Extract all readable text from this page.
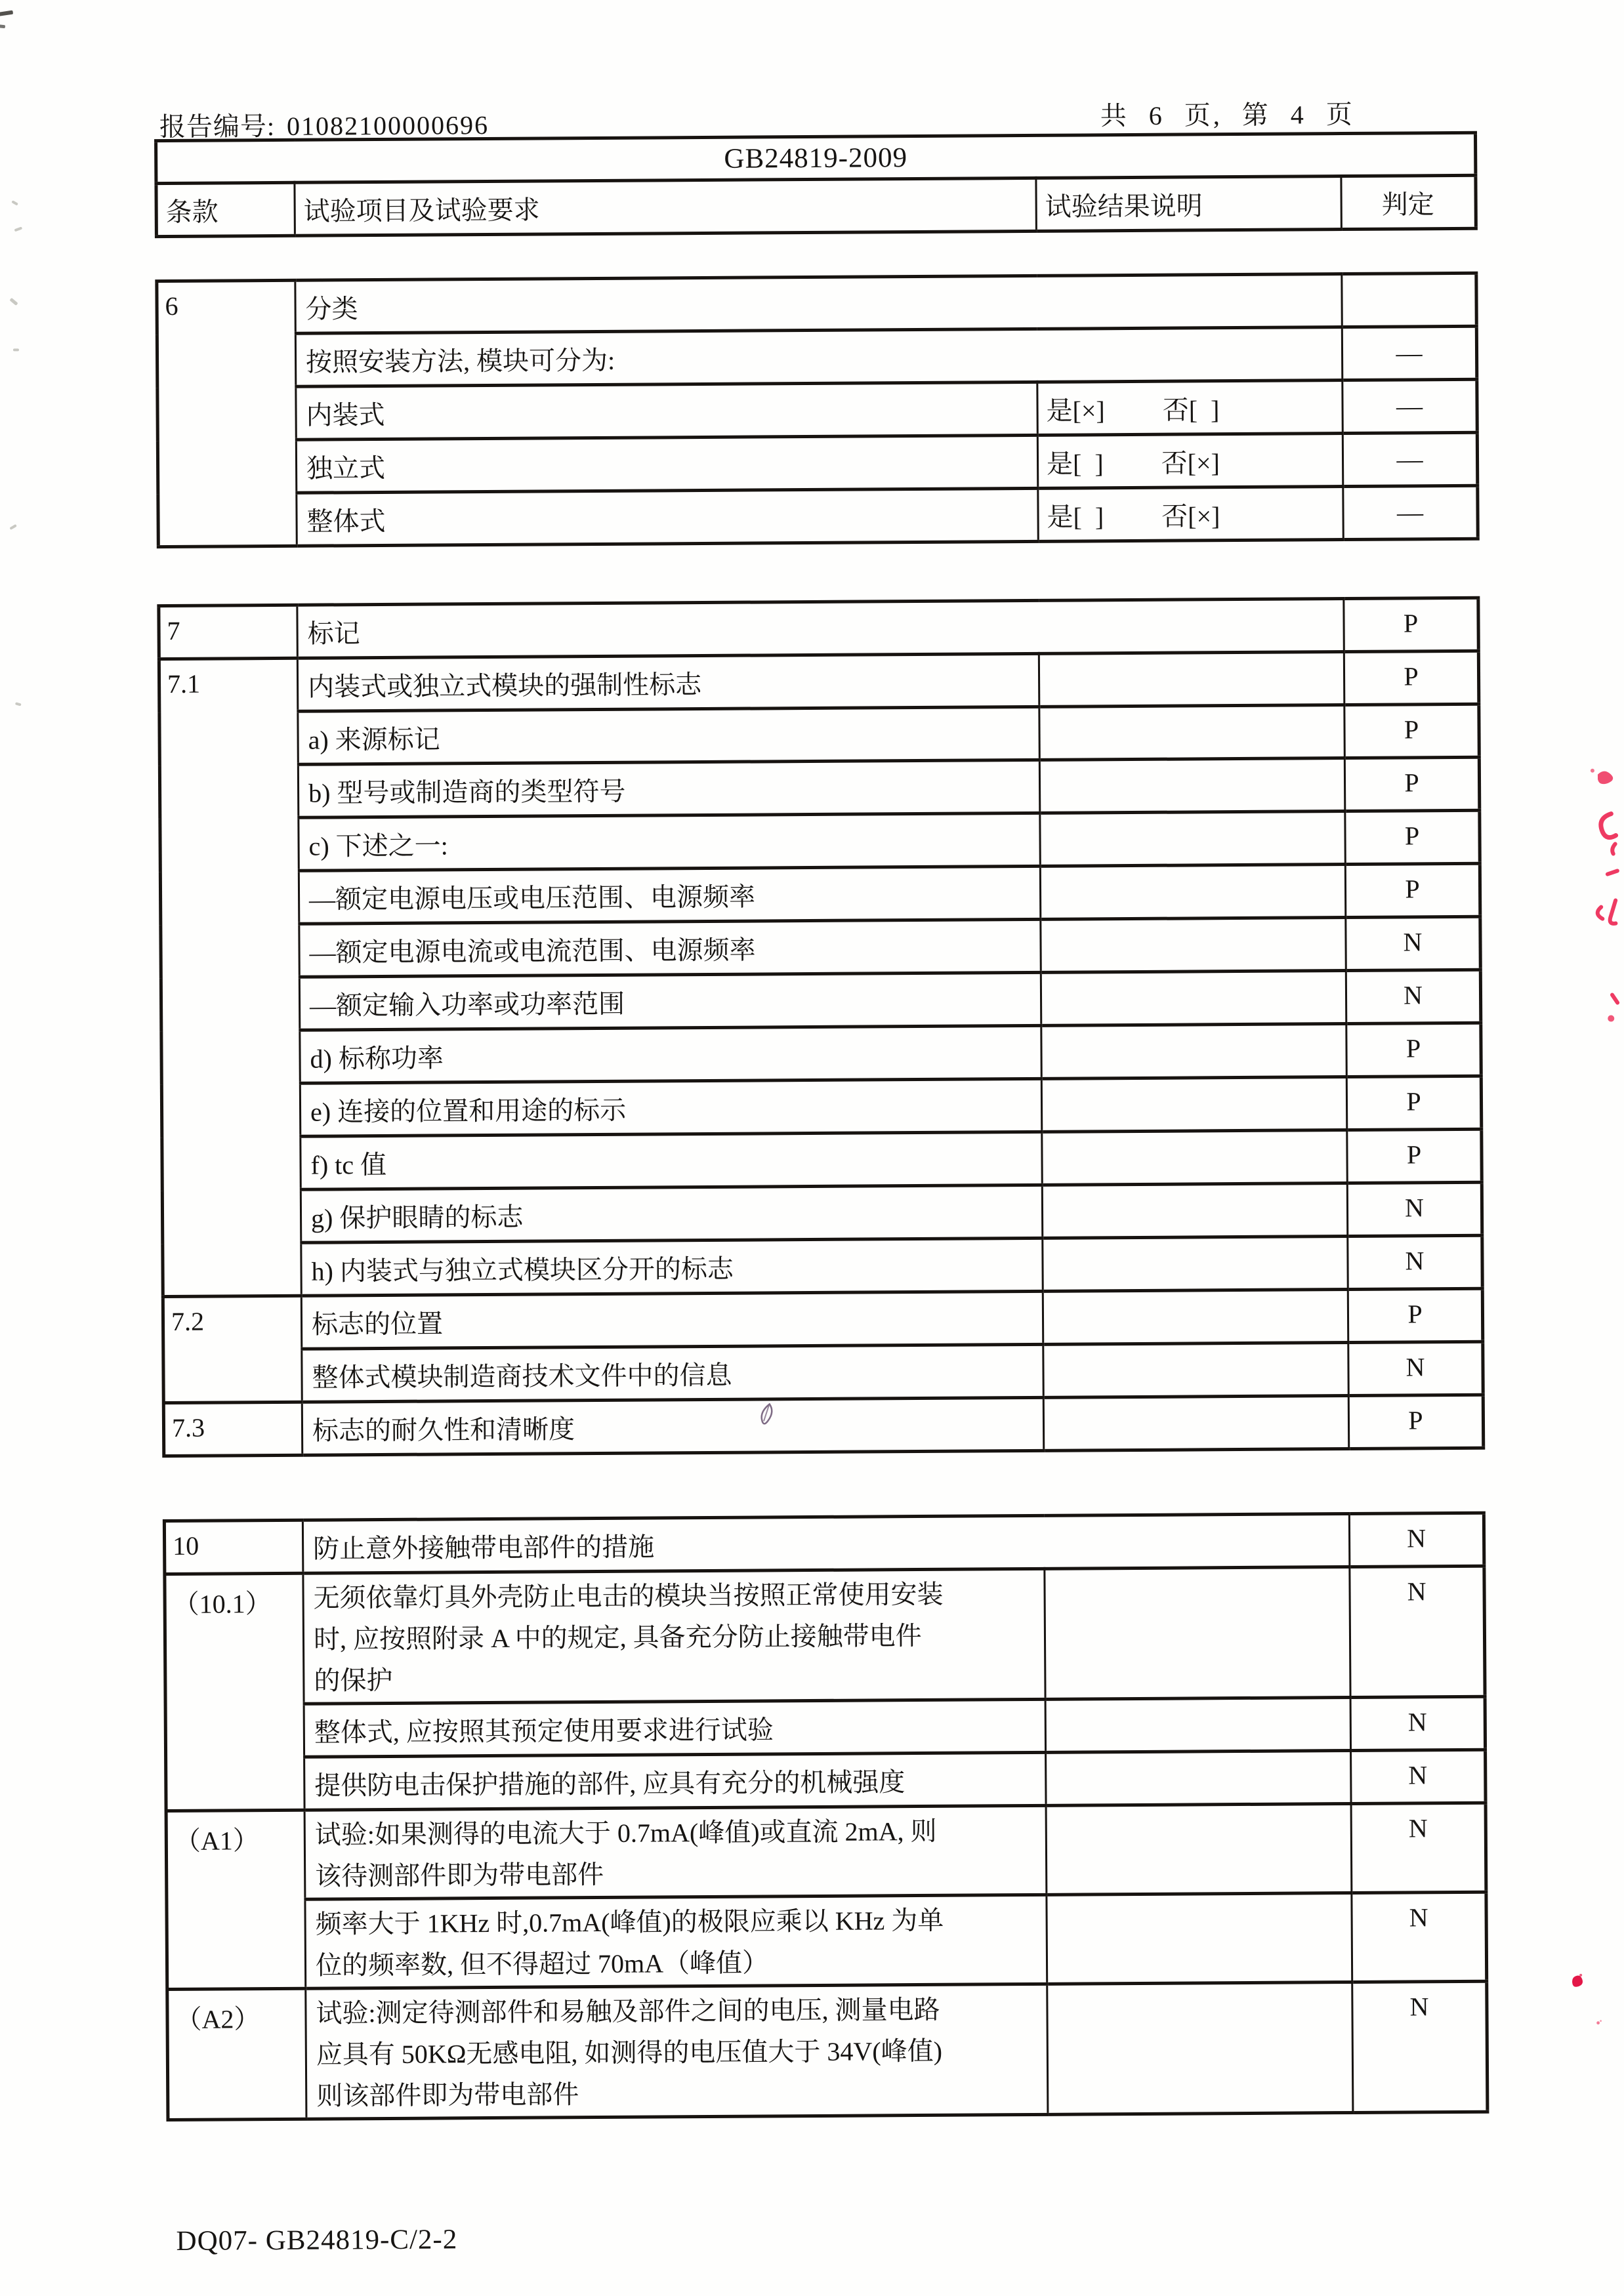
报告编号: 01082100000696	共 6 页, 第 4 页
GB24819-2009
条款	试验项目及试验要求	试验结果说明	判定
6	分类		
	按照安装方法, 模块可分为:		—
	内装式	是[×] 否[  ]	—
	独立式	是[  ] 否[×]	—
	整体式	是[  ] 否[×]	—
7	标记		P
7.1	内装式或独立式模块的强制性标志		P
	a) 来源标记		P
	b) 型号或制造商的类型符号		P
	c) 下述之一:		P
	—额定电源电压或电压范围、电源频率		P
	—额定电源电流或电流范围、电源频率		N
	—额定输入功率或功率范围		N
	d) 标称功率		P
	e) 连接的位置和用途的标示		P
	f) tc 值		P
	g) 保护眼睛的标志		N
	h) 内装式与独立式模块区分开的标志		N
7.2	标志的位置		P
	整体式模块制造商技术文件中的信息		N
7.3	标志的耐久性和清晰度		P
10	防止意外接触带电部件的措施		N
（10.1）	无须依靠灯具外壳防止电击的模块当按照正常使用安装
时, 应按照附录 A 中的规定, 具备充分防止接触带电件
的保护		N
	整体式, 应按照其预定使用要求进行试验		N
	提供防电击保护措施的部件, 应具有充分的机械强度		N
（A1）	试验:如果测得的电流大于 0.7mA(峰值)或直流 2mA, 则
该待测部件即为带电部件		N
	频率大于 1KHz 时,0.7mA(峰值)的极限应乘以 KHz 为单
位的频率数, 但不得超过 70mA（峰值）		N
（A2）	试验:测定待测部件和易触及部件之间的电压, 测量电路
应具有 50KΩ无感电阻, 如测得的电压值大于 34V(峰值)
则该部件即为带电部件		N
DQ07- GB24819-C/2-2
